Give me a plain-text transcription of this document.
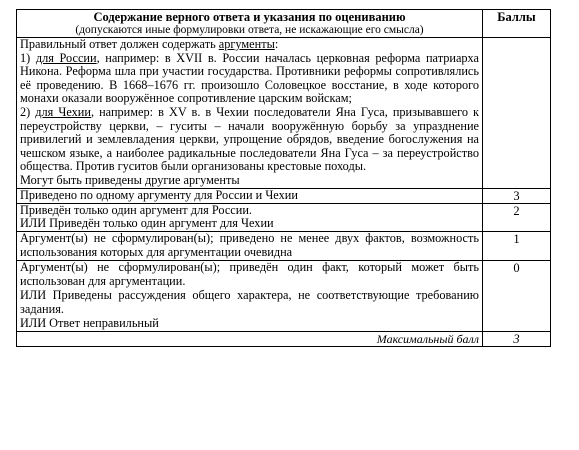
Содержание верного ответа и указания по оцениванию
(допускаются иные формулировки ответа, не искажающие его смысла)	Баллы

Правильный ответ должен содержать аргументы:
1) для России, например: в XVII в. России началась церковная реформа патриарха Никона. Реформа шла при участии государства. Противники реформы сопротивлялись её проведению. В 1668–1676 гг. произошло Соловецкое восстание, в ходе которого монахи оказали вооружённое сопротивление царским войскам;
2) для Чехии, например: в XV в. в Чехии последователи Яна Гуса, призывавшего к переустройству церкви, – гуситы – начали вооружённую борьбу за упразднение привилегий и землевладения церкви, упрощение обрядов, введение богослужения на чешском языке, а наиболее радикальные последователи Яна Гуса – за переустройство общества. Против гуситов были организованы крестовые походы.
Могут быть приведены другие аргументы	

Приведено по одному аргументу для России и Чехии	3

Приведён только один аргумент для России.
ИЛИ Приведён только один аргумент для Чехии	2

Аргумент(ы) не сформулирован(ы); приведено не менее двух фактов, возможность использования которых для аргументации очевидна	1

Аргумент(ы) не сформулирован(ы); приведён один факт, который может быть использован для аргументации.
ИЛИ Приведены рассуждения общего характера, не соответствующие требованию задания.
ИЛИ Ответ неправильный	0
Максимальный балл	3
